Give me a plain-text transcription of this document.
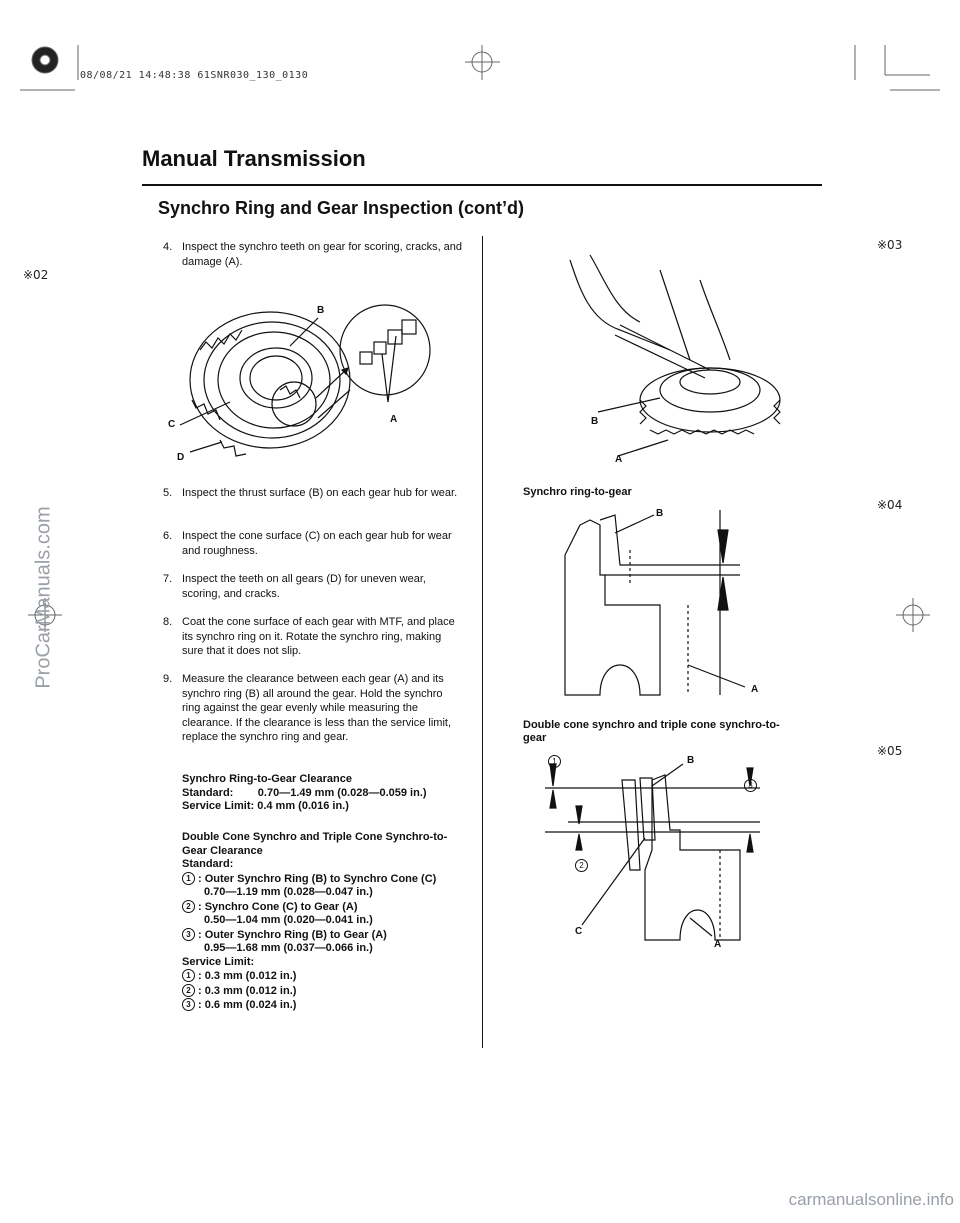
08/08/21 14:48:38 61SNR030_130_0130
Manual Transmission
Synchro Ring and Gear Inspection (cont’d)
※02
※03
※04
※05
4. Inspect the synchro teeth on gear for scoring, cracks, and damage (A).
B
A
C
D
5. Inspect the thrust surface (B) on each gear hub for wear.
6. Inspect the cone surface (C) on each gear hub for wear and roughness.
7. Inspect the teeth on all gears (D) for uneven wear, scoring, and cracks.
8. Coat the cone surface of each gear with MTF, and place its synchro ring on it. Rotate the synchro ring, making sure that it does not slip.
9. Measure the clearance between each gear (A) and its synchro ring (B) all around the gear. Hold the synchro ring against the gear evenly while measuring the clearance. If the clearance is less than the service limit, replace the synchro ring and gear.
Synchro Ring-to-Gear Clearance
Standard:        0.70—1.49 mm (0.028—0.059 in.)
Service Limit: 0.4 mm (0.016 in.)
Double Cone Synchro and Triple Cone Synchro-to-
Gear Clearance
Standard:
1 : Outer Synchro Ring (B) to Synchro Cone (C)
0.70—1.19 mm (0.028—0.047 in.)
2 : Synchro Cone (C) to Gear (A)
0.50—1.04 mm (0.020—0.041 in.)
3 : Outer Synchro Ring (B) to Gear (A)
0.95—1.68 mm (0.037—0.066 in.)
Service Limit:
1 : 0.3 mm (0.012 in.)
2 : 0.3 mm (0.012 in.)
3 : 0.6 mm (0.024 in.)
B
A
Synchro ring-to-gear
B
A
Double cone synchro and triple cone synchro-to-
gear
1
2
3
B
C
A
ProCarManuals.com
carmanualsonline.info
